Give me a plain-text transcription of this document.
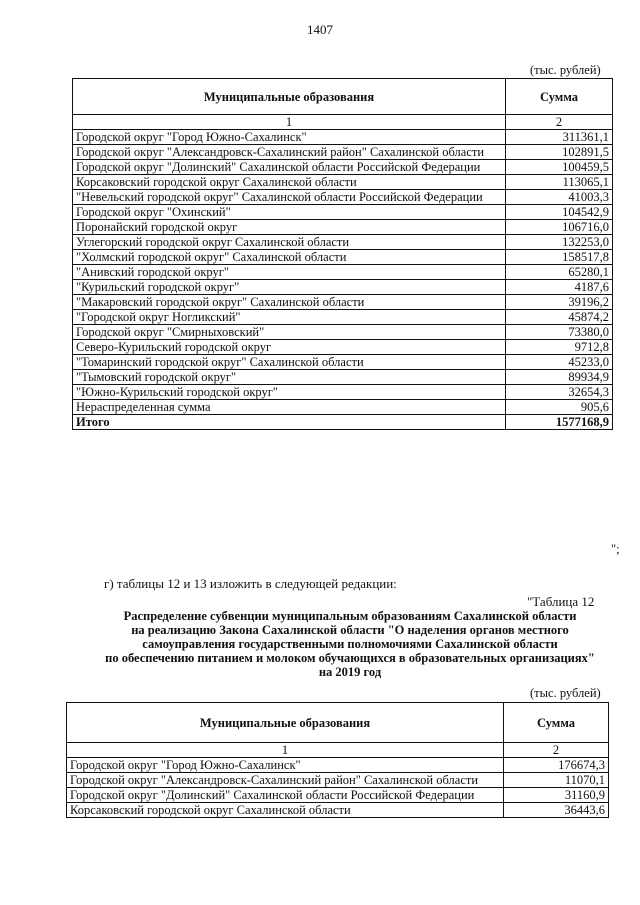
1407
(тыс. рублей)
Муниципальные образования	Сумма
1	2
Городской округ "Город Южно-Сахалинск"	311361,1
Городской округ "Александровск-Сахалинский район" Сахалинской области	102891,5
Городской округ "Долинский" Сахалинской области Российской Федерации	100459,5
Корсаковский городской округ Сахалинской области	113065,1
"Невельский городской округ" Сахалинской области Российской Федерации	41003,3
Городской округ "Охинский"	104542,9
Поронайский городской округ	106716,0
Углегорский городской округ Сахалинской области	132253,0
"Холмский городской округ" Сахалинской области	158517,8
"Анивский городской округ"	65280,1
"Курильский городской округ"	4187,6
"Макаровский городской округ" Сахалинской области	39196,2
"Городской округ Ногликский"	45874,2
Городской округ "Смирныховский"	73380,0
Северо-Курильский городской округ	9712,8
"Томаринский городской округ" Сахалинской области	45233,0
"Тымовский городской округ"	89934,9
"Южно-Курильский городской округ"	32654,3
Нераспределенная сумма	905,6
Итого	1577168,9
";
г) таблицы 12 и 13 изложить в следующей редакции:
"Таблица 12
Распределение субвенции муниципальным образованиям Сахалинской области
на реализацию Закона Сахалинской области "О наделения органов местного
самоуправления государственными полномочиями Сахалинской области
по обеспечению питанием и молоком обучающихся в образовательных организациях"
на 2019 год
(тыс. рублей)
Муниципальные образования	Сумма
1	2
Городской округ "Город Южно-Сахалинск"	176674,3
Городской округ "Александровск-Сахалинский район" Сахалинской области	11070,1
Городской округ "Долинский" Сахалинской области Российской Федерации	31160,9
Корсаковский городской округ Сахалинской области	36443,6
